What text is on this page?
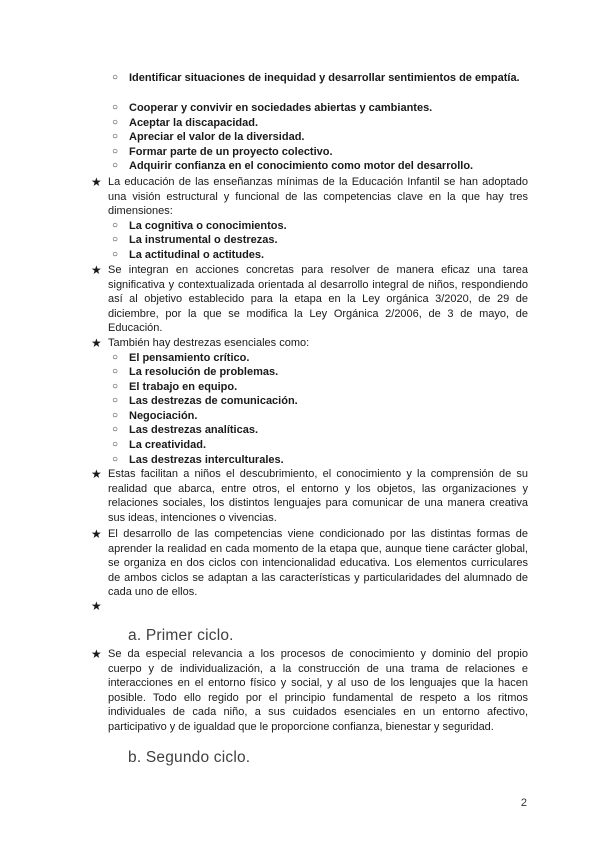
○ Identificar situaciones de inequidad y desarrollar sentimientos de empatía.
○ Cooperar y convivir en sociedades abiertas y cambiantes.
○ Aceptar la discapacidad.
○ Apreciar el valor de la diversidad.
○ Formar parte de un proyecto colectivo.
○ Adquirir confianza en el conocimiento como motor del desarrollo.
★ La educación de las enseñanzas mínimas de la Educación Infantil se han adoptado una visión estructural y funcional de las competencias clave en la que hay tres dimensiones:
○ La cognitiva o conocimientos.
○ La instrumental o destrezas.
○ La actitudinal o actitudes.
★ Se integran en acciones concretas para resolver de manera eficaz una tarea significativa y contextualizada orientada al desarrollo integral de niños, respondiendo así al objetivo establecido para la etapa en la Ley orgánica 3/2020, de 29 de diciembre, por la que se modifica la Ley Orgánica 2/2006, de 3 de mayo, de Educación.
★ También hay destrezas esenciales como:
○ El pensamiento crítico.
○ La resolución de problemas.
○ El trabajo en equipo.
○ Las destrezas de comunicación.
○ Negociación.
○ Las destrezas analíticas.
○ La creatividad.
○ Las destrezas interculturales.
★ Estas facilitan a niños el descubrimiento, el conocimiento y la comprensión de su realidad que abarca, entre otros, el entorno y los objetos, las organizaciones y relaciones sociales, los distintos lenguajes para comunicar de una manera creativa sus ideas, intenciones o vivencias.
★ El desarrollo de las competencias viene condicionado por las distintas formas de aprender la realidad en cada momento de la etapa que, aunque tiene carácter global, se organiza en dos ciclos con intencionalidad educativa. Los elementos curriculares de ambos ciclos se adaptan a las características y particularidades del alumnado de cada uno de ellos.
★
a. Primer ciclo.
★ Se da especial relevancia a los procesos de conocimiento y dominio del propio cuerpo y de individualización, a la construcción de una trama de relaciones e interacciones en el entorno físico y social, y al uso de los lenguajes que la hacen posible. Todo ello regido por el principio fundamental de respeto a los ritmos individuales de cada niño, a sus cuidados esenciales en un entorno afectivo, participativo y de igualdad que le proporcione confianza, bienestar y seguridad.
b. Segundo ciclo.
2
